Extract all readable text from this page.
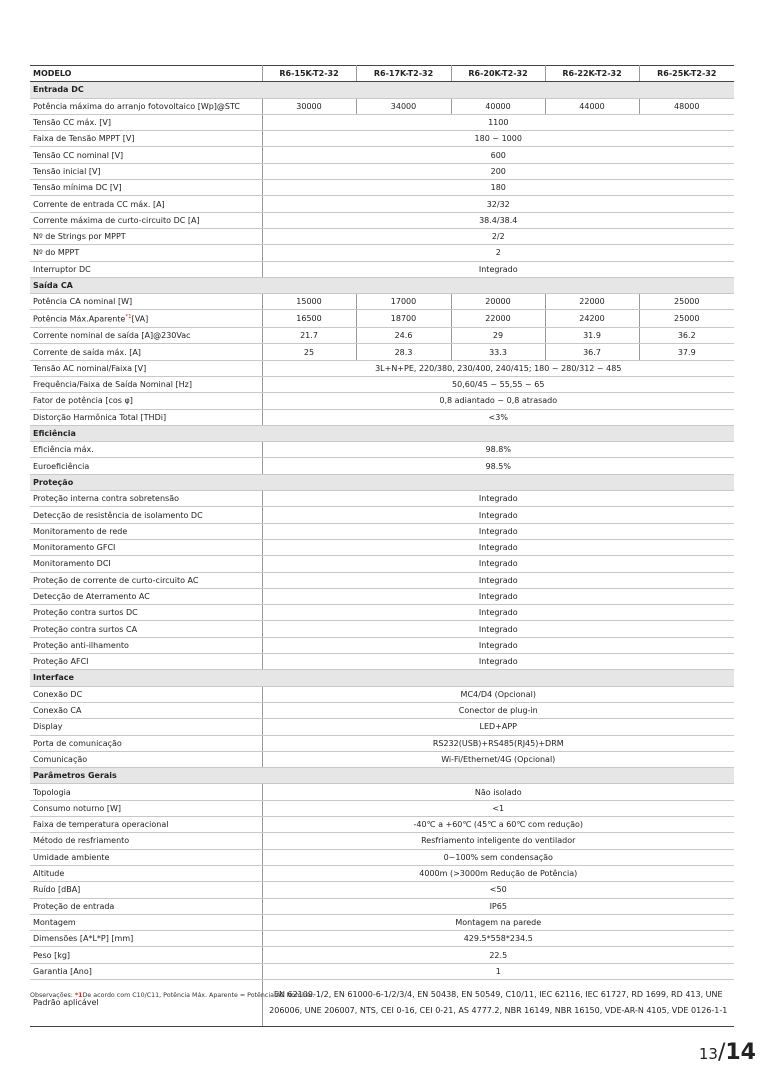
MODELO	R6-15K-T2-32	R6-17K-T2-32	R6-20K-T2-32	R6-22K-T2-32	R6-25K-T2-32
Entrada DC					
Potência máxima do arranjo fotovoltaico [Wp]@STC	30000	34000	40000	44000	48000
Tensão CC máx. [V]	1100				
Faixa de Tensão MPPT [V]	180 ~ 1000				
Tensão CC nominal [V]	600				
Tensão inicial [V]	200				
Tensão mínima DC [V]	180				
Corrente de entrada CC máx. [A]	32/32				
Corrente máxima de curto-circuito DC [A]	38.4/38.4				
Nº de Strings por MPPT	2/2				
Nº do MPPT	2				
Interruptor DC	Integrado				
Saída CA					
Potência CA nominal [W]	15000	17000	20000	22000	25000
Potência Máx.Aparente$^{*1}$[VA]	16500	18700	22000	24200	25000
Corrente nominal de saída [A]@230Vac	21.7	24.6	29	31.9	36.2
Corrente de saída máx. [A]	25	28.3	33.3	36.7	37.9
Tensão AC nominal/Faixa [V]	3L+N+PE, 220/380, 230/400, 240/415; 180 ~ 280/312 ~ 485				
Frequência/Faixa de Saída Nominal [Hz]	50,60/45 ~ 55,55 ~ 65				
Fator de potência [cos φ]	0,8 adiantado ~ 0,8 atrasado				
Distorção Harmônica Total [THDi]	<3%				
Eficiência					
Eficiência máx.	98.8%				
Euroeficiência	98.5%				
Proteção					
Proteção interna contra sobretensão	Integrado				
Detecção de resistência de isolamento DC	Integrado				
Monitoramento de rede	Integrado				
Monitoramento GFCI	Integrado				
Monitoramento DCI	Integrado				
Proteção de corrente de curto-circuito AC	Integrado				
Detecção de Aterramento AC	Integrado				
Proteção contra surtos DC	Integrado				
Proteção contra surtos CA	Integrado				
Proteção anti-ilhamento	Integrado				
Proteção AFCI	Integrado				
Interface					
Conexão DC	MC4/D4 (Opcional)				
Conexão CA	Conector de plug-in				
Display	LED+APP				
Porta de comunicação	RS232(USB)+RS485(RJ45)+DRM				
Comunicação	Wi-Fi/Ethernet/4G (Opcional)				
Parâmetros Gerais					
Topologia	Não isolado				
Consumo noturno [W]	<1				
Faixa de temperatura operacional	-40℃ a +60℃ (45℃ a 60℃ com redução)				
Método de resfriamento	Resfriamento inteligente do ventilador				
Umidade ambiente	0~100% sem condensação				
Altitude	4000m (>3000m Redução de Potência)				
Ruído [dBA]	<50				
Proteção de entrada	IP65				
Montagem	Montagem na parede				
Dimensões [A*L*P] [mm]	429.5*558*234.5				
Peso [kg]	22.5				
Garantia [Ano]	1				
Padrão aplicável	EN 62109-1/2, EN 61000-6-1/2/3/4, EN 50438, EN 50549, C10/11, IEC 62116, IEC 61727, RD 1699, RD 413, UNE 206006, UNE 206007, NTS, CEI 0-16, CEI 0-21, AS 4777.2, NBR 16149, NBR 16150, VDE-AR-N 4105, VDE 0126-1-1				
Observações: *1De acordo com C10/C11, Potência Máx. Aparente = Potência AC Nominal.
13/14
